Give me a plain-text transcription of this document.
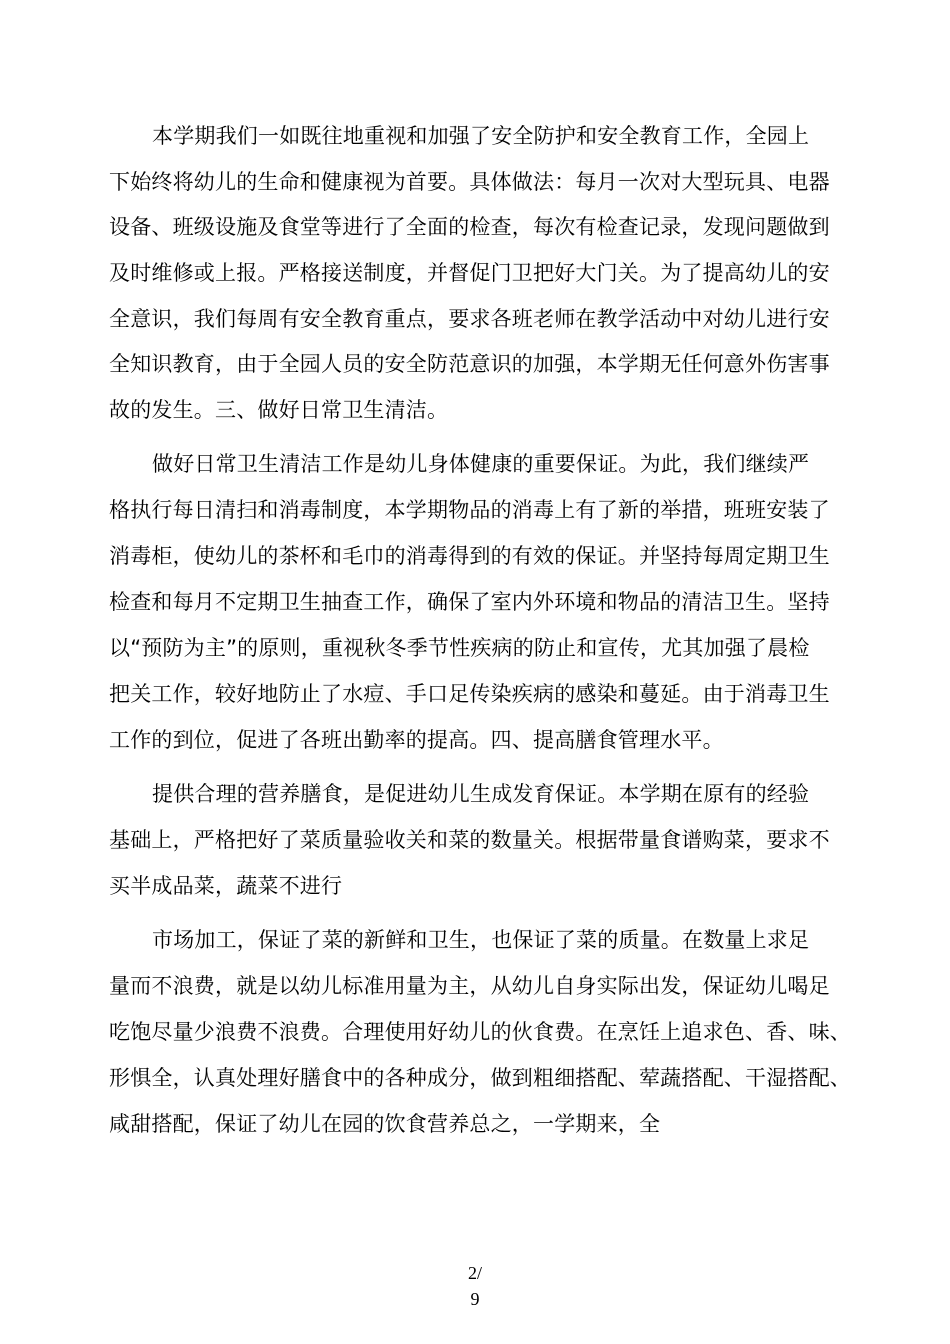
本学期我们一如既往地重视和加强了安全防护和安全教育工作，全园上
下始终将幼儿的生命和健康视为首要。具体做法：每月一次对大型玩具、电器
设备、班级设施及食堂等进行了全面的检查，每次有检查记录，发现问题做到
及时维修或上报。严格接送制度，并督促门卫把好大门关。为了提高幼儿的安
全意识，我们每周有安全教育重点，要求各班老师在教学活动中对幼儿进行安
全知识教育，由于全园人员的安全防范意识的加强，本学期无任何意外伤害事
故的发生。三、做好日常卫生清洁。
做好日常卫生清洁工作是幼儿身体健康的重要保证。为此，我们继续严
格执行每日清扫和消毒制度，本学期物品的消毒上有了新的举措，班班安装了
消毒柜，使幼儿的茶杯和毛巾的消毒得到的有效的保证。并坚持每周定期卫生
检查和每月不定期卫生抽查工作，确保了室内外环境和物品的清洁卫生。坚持
以“预防为主”的原则，重视秋冬季节性疾病的防止和宣传，尤其加强了晨检
把关工作，较好地防止了水痘、手口足传染疾病的感染和蔓延。由于消毒卫生
工作的到位，促进了各班出勤率的提高。四、提高膳食管理水平。
提供合理的营养膳食，是促进幼儿生成发育保证。本学期在原有的经验
基础上，严格把好了菜质量验收关和菜的数量关。根据带量食谱购菜，要求不
买半成品菜，蔬菜不进行
市场加工，保证了菜的新鲜和卫生，也保证了菜的质量。在数量上求足
量而不浪费，就是以幼儿标准用量为主，从幼儿自身实际出发，保证幼儿喝足
吃饱尽量少浪费不浪费。合理使用好幼儿的伙食费。在烹饪上追求色、香、味、
形惧全，认真处理好膳食中的各种成分，做到粗细搭配、荤蔬搭配、干湿搭配、
咸甜搭配，保证了幼儿在园的饮食营养总之，一学期来，全
2/
9
